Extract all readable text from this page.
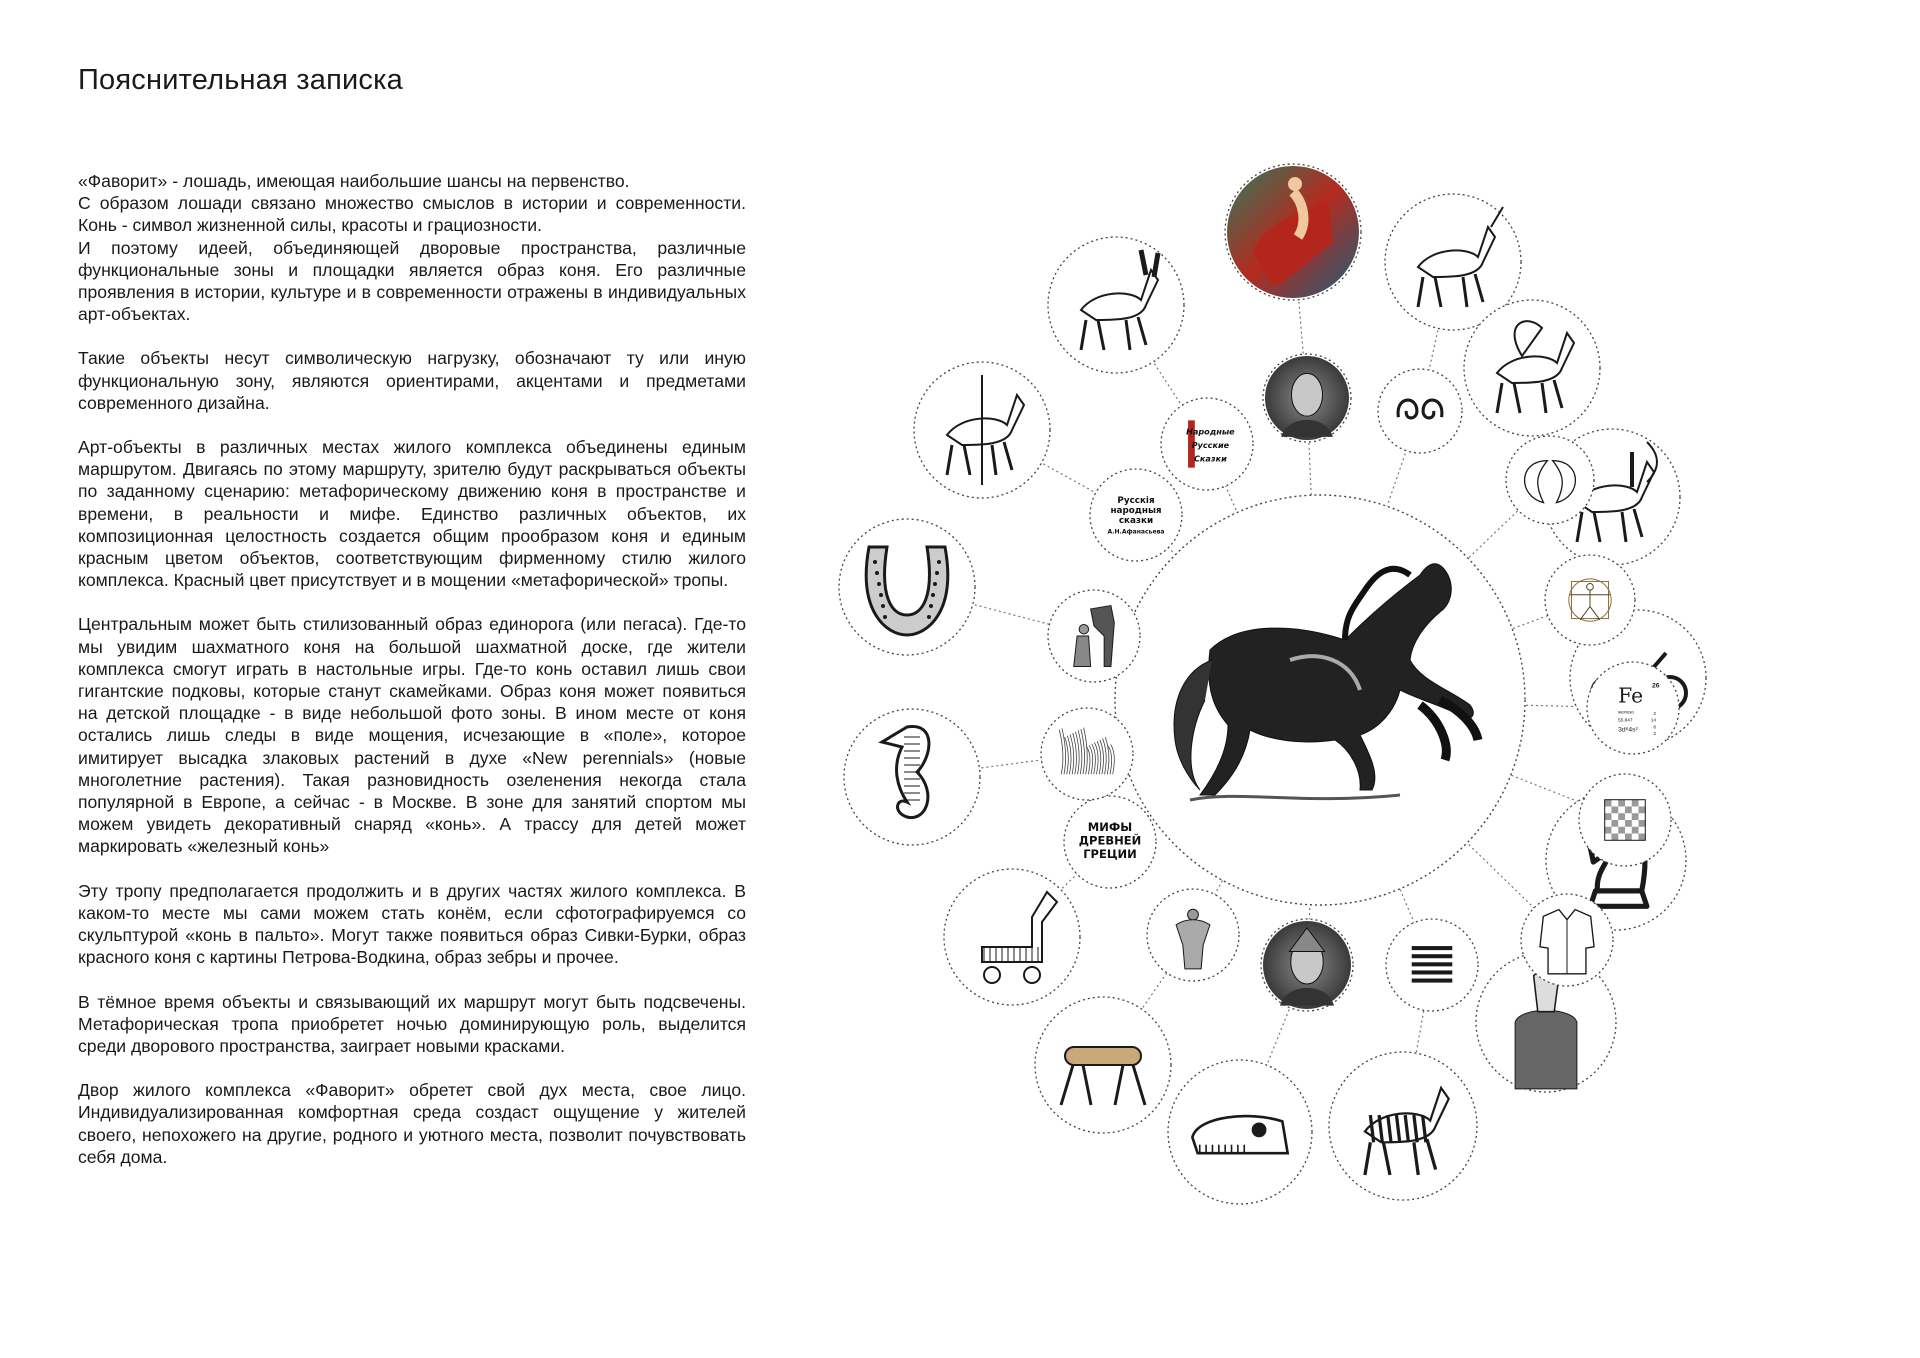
Пояснительная записка

«Фаворит» - лошадь, имеющая наибольшие шансы на первенство.
С образом лошади связано множество смыслов в истории и современности. Конь - символ жизненной силы, красоты и грациозности.
И поэтому идеей, объединяющей дворовые пространства, различные функциональные зоны и площадки является образ коня. Его различные проявления в истории, культуре и в современности отражены в индивидуальных арт-объектах.

Такие объекты несут символическую нагрузку, обозначают ту или иную функциональную зону, являются ориентирами, акцентами и предметами современного дизайна.

Арт-объекты в различных местах жилого комплекса объединены единым маршрутом. Двигаясь по этому маршруту, зрителю будут раскрываться объекты по заданному сценарию: метафорическому движению коня в пространстве и времени, в реальности и мифе. Единство различных объектов, их композиционная целостность создается общим прообразом коня и единым красным цветом объектов, соответствующим фирменному стилю жилого комплекса. Красный цвет присутствует и в мощении «метафорической» тропы.

Центральным может быть стилизованный образ единорога (или пегаса). Где-то мы увидим шахматного коня на большой шахматной доске, где жители комплекса смогут играть в настольные игры. Где-то конь оставил лишь свои гигантские подковы, которые станут скамейками. Образ коня может появиться на детской площадке - в виде небольшой фото зоны. В ином месте от коня остались лишь следы в виде мощения, исчезающие в «поле», которое имитирует высадка злаковых растений в духе «New perennials» (новые многолетние растения). Такая разновидность озеленения некогда стала популярной в Европе, а сейчас - в Москве. В зоне для занятий спортом мы можем увидеть декоративный снаряд «конь». А трассу для детей может маркировать «железный конь»

Эту тропу предполагается продолжить и в других частях жилого комплекса. В каком-то месте мы сами можем стать конём, если сфотографируемся со скульптурой «конь в пальто». Могут также появиться образ Сивки-Бурки, образ красного коня с картины Петрова-Водкина, образ зебры и прочее.

В тёмное время объекты и связывающий их маршрут могут быть подсвечены. Метафорическая тропа приобретет ночью доминирующую роль, выделится среди дворового пространства, заиграет новыми красками.

Двор жилого комплекса «Фаворит» обретет свой дух места, свое лицо. Индивидуализированная комфортная среда создаст ощущение у жителей своего, непохожего на другие, родного и уютного места, позволит почувствовать себя дома.

Fe 26
железо
55.847
3d⁶4s²
2
14
8
2
МИФЫ
ДРЕВНЕЙ
ГРЕЦИИ
Русскія
народныя
сказки
А.Н.Афанасьева
Народные
Русские
Сказки
